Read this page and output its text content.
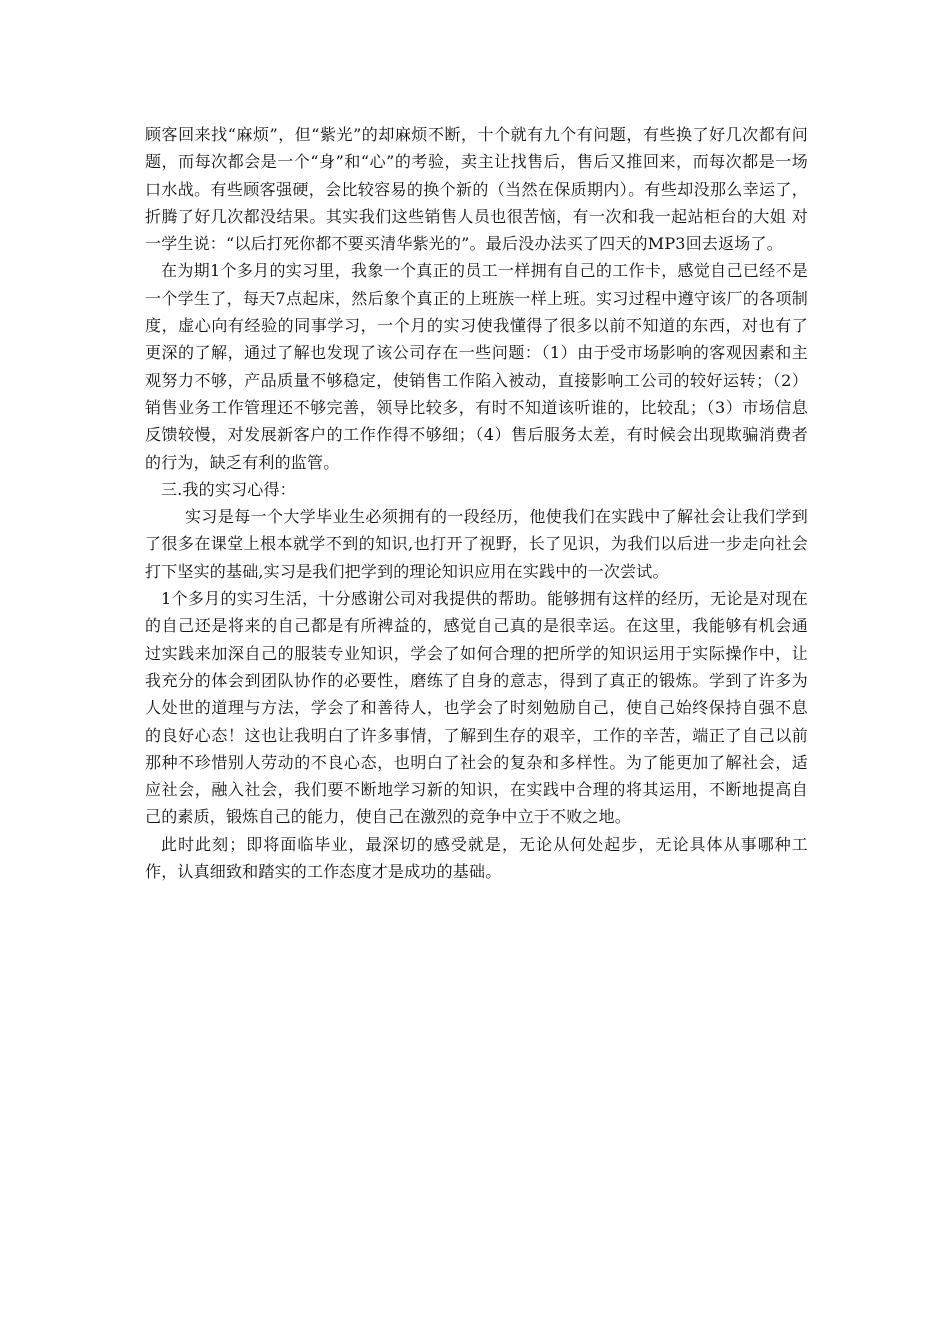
顾客回来找“麻烦”，但“紫光”的却麻烦不断，十个就有九个有问题，有些换了好几次都有问题，而每次都会是一个“身”和“心”的考验，卖主让找售后，售后又推回来，而每次都是一场口水战。有些顾客强硬，会比较容易的换个新的（当然在保质期内）。有些却没那么幸运了，折腾了好几次都没结果。其实我们这些销售人员也很苦恼，有一次和我一起站柜台的大姐 对一学生说：“以后打死你都不要买清华紫光的”。最后没办法买了四天的MP3回去返场了。

在为期1个多月的实习里，我象一个真正的员工一样拥有自己的工作卡，感觉自己已经不是一个学生了，每天7点起床，然后象个真正的上班族一样上班。实习过程中遵守该厂的各项制度，虚心向有经验的同事学习，一个月的实习使我懂得了很多以前不知道的东西，对也有了更深的了解，通过了解也发现了该公司存在一些问题：（1）由于受市场影响的客观因素和主观努力不够，产品质量不够稳定，使销售工作陷入被动，直接影响工公司的较好运转；（2）销售业务工作管理还不够完善，领导比较多，有时不知道该听谁的，比较乱；（3）市场信息反馈较慢，对发展新客户的工作作得不够细；（4）售后服务太差，有时候会出现欺骗消费者的行为，缺乏有利的监管。

三.我的实习心得：

实习是每一个大学毕业生必须拥有的一段经历，他使我们在实践中了解社会让我们学到了很多在课堂上根本就学不到的知识,也打开了视野，长了见识，为我们以后进一步走向社会打下坚实的基础,实习是我们把学到的理论知识应用在实践中的一次尝试。

1个多月的实习生活，十分感谢公司对我提供的帮助。能够拥有这样的经历，无论是对现在的自己还是将来的自己都是有所裨益的，感觉自己真的是很幸运。在这里，我能够有机会通过实践来加深自己的服装专业知识，学会了如何合理的把所学的知识运用于实际操作中，让我充分的体会到团队协作的必要性，磨练了自身的意志，得到了真正的锻炼。学到了许多为人处世的道理与方法，学会了和善待人，也学会了时刻勉励自己，使自己始终保持自强不息的良好心态！这也让我明白了许多事情，了解到生存的艰辛，工作的辛苦，端正了自己以前那种不珍惜别人劳动的不良心态，也明白了社会的复杂和多样性。为了能更加了解社会，适应社会，融入社会，我们要不断地学习新的知识，在实践中合理的将其运用，不断地提高自己的素质，锻炼自己的能力，使自己在激烈的竞争中立于不败之地。

此时此刻；即将面临毕业，最深切的感受就是，无论从何处起步，无论具体从事哪种工作，认真细致和踏实的工作态度才是成功的基础。
